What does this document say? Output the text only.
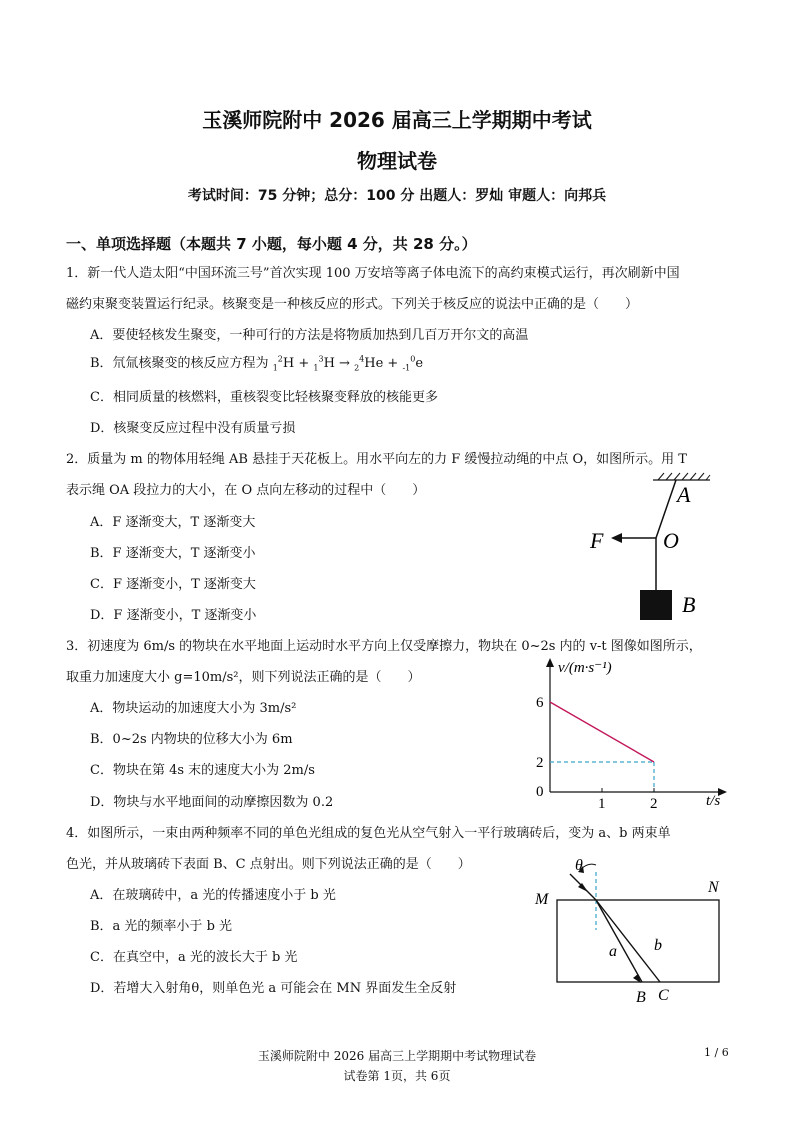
玉溪师院附中 2026 届高三上学期期中考试
物理试卷
考试时间：75 分钟；总分：100 分 出题人：罗灿 审题人：向邦兵
一、单项选择题（本题共 7 小题，每小题 4 分，共 28 分。）
1．新一代人造太阳“中国环流三号”首次实现 100 万安培等离子体电流下的高约束模式运行，再次刷新中国
磁约束聚变装置运行纪录。核聚变是一种核反应的形式。下列关于核反应的说法中正确的是（　　）
A．要使轻核发生聚变，一种可行的方法是将物质加热到几百万开尔文的高温
B．氘氚核聚变的核反应方程为 $_1^2$H + $_1^3$H → $_2^4$He + $_{-1}^0$e
C．相同质量的核燃料，重核裂变比轻核聚变释放的核能更多
D．核聚变反应过程中没有质量亏损
2．质量为 m 的物体用轻绳 AB 悬挂于天花板上。用水平向左的力 F 缓慢拉动绳的中点 O，如图所示。用 T
表示绳 OA 段拉力的大小，在 O 点向左移动的过程中（　　）
A．F 逐渐变大，T 逐渐变大
B．F 逐渐变大，T 逐渐变小
C．F 逐渐变小，T 逐渐变大
D．F 逐渐变小，T 逐渐变小
A
F	O
B
3．初速度为 6m/s 的物块在水平地面上运动时水平方向上仅受摩擦力，物块在 0~2s 内的 v-t 图像如图所示，
取重力加速度大小 g=10m/s²，则下列说法正确的是（　　）
A．物块运动的加速度大小为 3m/s²
B．0~2s 内物块的位移大小为 6m
C．物块在第 4s 末的速度大小为 2m/s
D．物块与水平地面间的动摩擦因数为 0.2
v/(m·s⁻¹)
t/s
0
1	2
2
6
4．如图所示，一束由两种频率不同的单色光组成的复色光从空气射入一平行玻璃砖后，变为 a、b 两束单
色光，并从玻璃砖下表面 B、C 点射出。则下列说法正确的是（　　）
A．在玻璃砖中，a 光的传播速度小于 b 光
B．a 光的频率小于 b 光
C．在真空中，a 光的波长大于 b 光
D．若增大入射角θ，则单色光 a 可能会在 MN 界面发生全反射
θ
M
N
a b
B C
玉溪师院附中 2026 届高三上学期期中考试物理试卷
试卷第 1页，共 6页
1 / 6
